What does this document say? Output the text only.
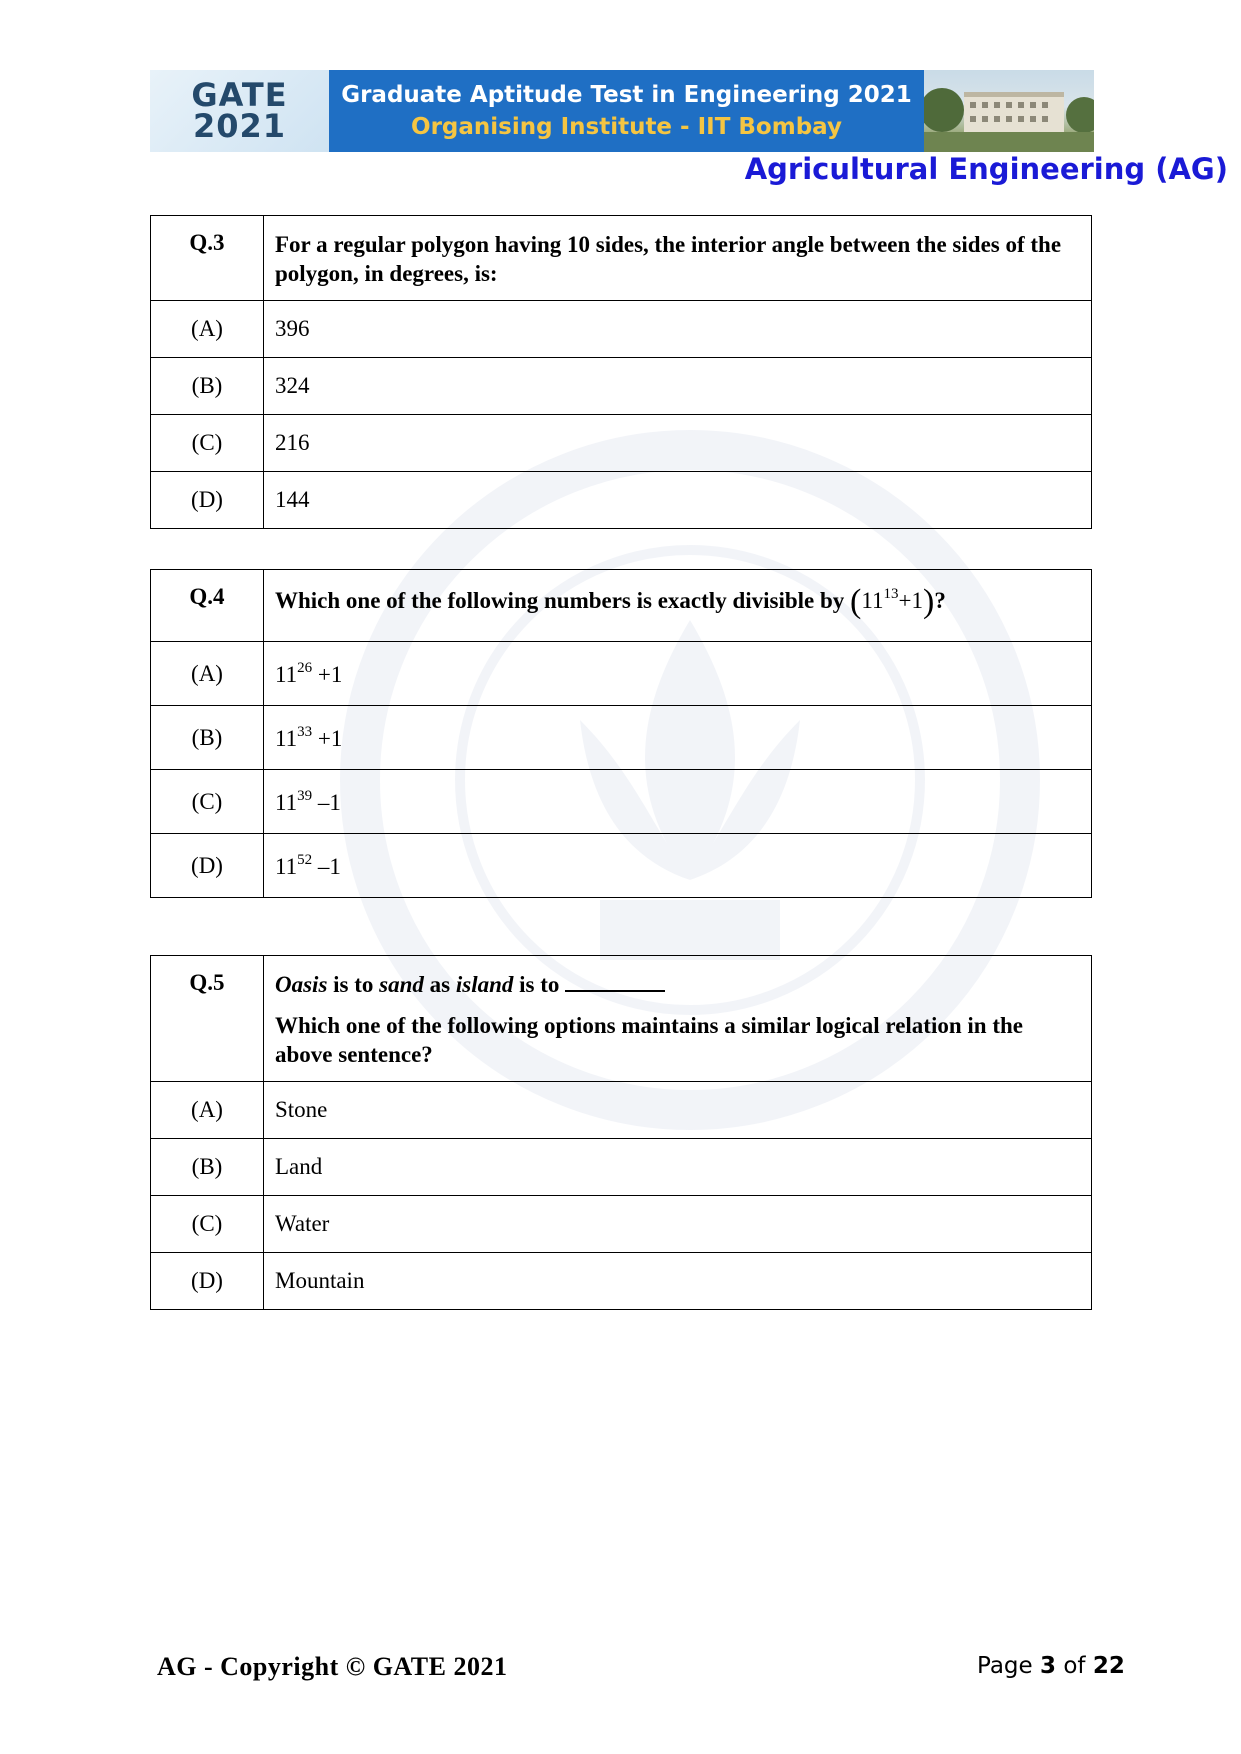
GATE
2021
Graduate Aptitude Test in Engineering 2021
Organising Institute - IIT Bombay
Agricultural Engineering (AG)
Q.3	For a regular polygon having 10 sides, the interior angle between the sides of the polygon, in degrees, is:
(A)	396
(B)	324
(C)	216
(D)	144
Q.4	Which one of the following numbers is exactly divisible by $(11^{13}+1)$?
(A)	$11^{26} +1$
(B)	$11^{33} +1$
(C)	$11^{39}$ –1
(D)	$11^{52}$ –1
Q.5	Oasis is to sand as island is to
Which one of the following options maintains a similar logical relation in the above sentence?

(A)	Stone
(B)	Land
(C)	Water
(D)	Mountain
AG - Copyright © GATE 2021	Page 3 of 22
